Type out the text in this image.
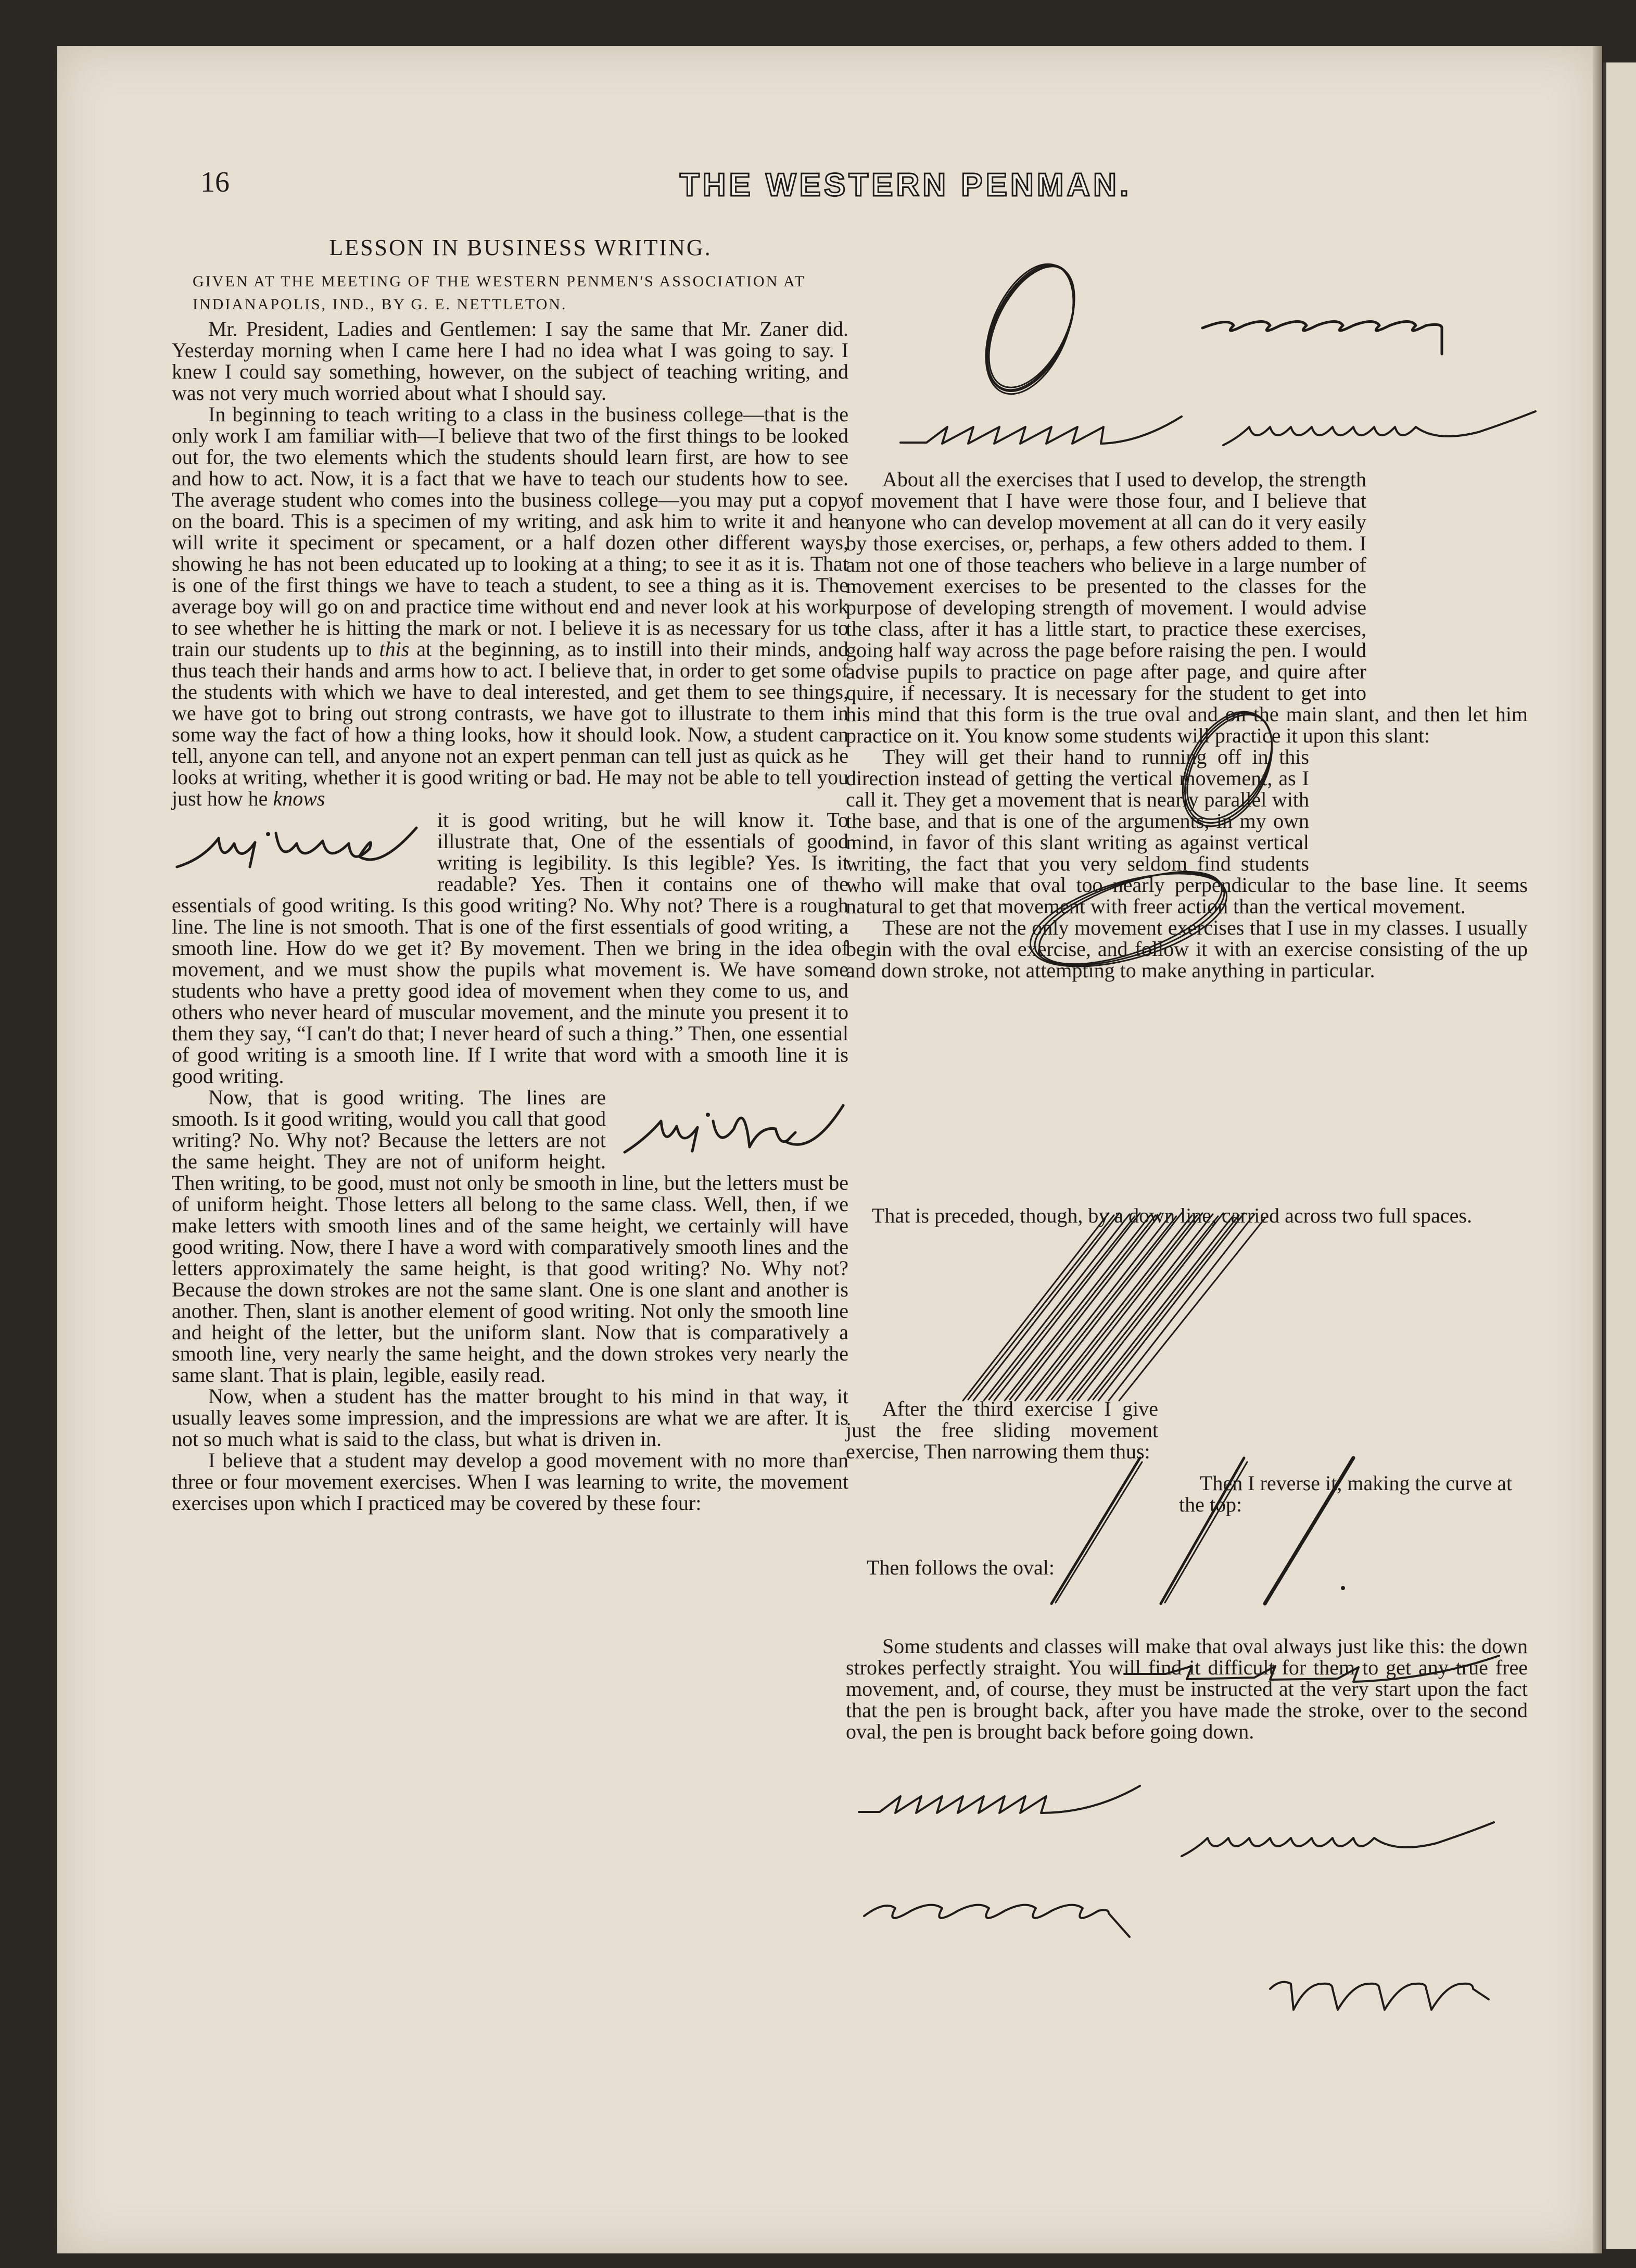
16	THE WESTERN PENMAN.
LESSON IN BUSINESS WRITING.
GIVEN AT THE MEETING OF THE WESTERN PENMEN'S ASSOCIATION AT INDIANAPOLIS, IND., BY G. E. NETTLETON.

Mr. President, Ladies and Gentlemen: I say the same that Mr. Zaner did. Yesterday morning when I came here I had no idea what I was going to say. I knew I could say something, however, on the subject of teaching writing, and was not very much worried about what I should say.

In beginning to teach writing to a class in the business college—that is the only work I am familiar with—I believe that two of the first things to be looked out for, the two elements which the students should learn first, are how to see and how to act. Now, it is a fact that we have to teach our students how to see. The average student who comes into the business college—you may put a copy on the board. This is a specimen of my writing, and ask him to write it and he will write it speciment or specament, or a half dozen other different ways, showing he has not been educated up to looking at a thing; to see it as it is. That is one of the first things we have to teach a student, to see a thing as it is. The average boy will go on and practice time without end and never look at his work to see whether he is hitting the mark or not. I believe it is as necessary for us to train our students up to this at the beginning, as to instill into their minds, and thus teach their hands and arms how to act. I believe that, in order to get some of the students with which we have to deal interested, and get them to see things, we have got to bring out strong contrasts, we have got to illustrate to them in some way the fact of how a thing looks, how it should look. Now, a student can tell, anyone can tell, and anyone not an expert penman can tell just as quick as he looks at writing, whether it is good writing or bad. He may not be able to tell you just how he knows

it is good writing, but he will know it. To illustrate that, One of the essentials of good writing is legibility. Is this legible? Yes. Is it readable? Yes. Then it contains one of the essentials of good writing. Is this good writing? No. Why not? There is a rough line. The line is not smooth. That is one of the first essentials of good writing, a smooth line. How do we get it? By movement. Then we bring in the idea of movement, and we must show the pupils what movement is. We have some students who have a pretty good idea of movement when they come to us, and others who never heard of muscular movement, and the minute you present it to them they say, “I can't do that; I never heard of such a thing.” Then, one essential of good writing is a smooth line. If I write that word with a smooth line it is good writing.

Now, that is good writing. The lines are smooth. Is it good writing, would you call that good writing? No. Why not? Because the letters are not the same height. They are not of uniform height. Then writing, to be good, must not only be smooth in line, but the letters must be of uniform height. Those letters all belong to the same class. Well, then, if we make letters with smooth lines and of the same height, we certainly will have good writing. Now, there I have a word with comparatively smooth lines and the letters approximately the same height, is that good writing? No. Why not? Because the down strokes are not the same slant. One is one slant and another is another. Then, slant is another element of good writing. Not only the smooth line and height of the letter, but the uniform slant. Now that is comparatively a smooth line, very nearly the same height, and the down strokes very nearly the same slant. That is plain, legible, easily read.

Now, when a student has the matter brought to his mind in that way, it usually leaves some impression, and the impressions are what we are after. It is not so much what is said to the class, but what is driven in.

I believe that a student may develop a good movement with no more than three or four movement exercises. When I was learning to write, the movement exercises upon which I practiced may be covered by these four:

About all the exercises that I used to develop, the strength of movement that I have were those four, and I believe that anyone who can develop movement at all can do it very easily by those exercises, or, perhaps, a few others added to them. I am not one of those teachers who believe in a large number of movement exercises to be presented to the classes for the purpose of developing strength of movement. I would advise the class, after it has a little start, to practice these exercises, going half way across the page before raising the pen. I would advise pupils to practice on page after page, and quire after quire, if necessary. It is necessary for the student to get into his mind that this form is the true oval and on the main slant, and then let him practice on it. You know some students will practice it upon this slant:

They will get their hand to running off in this direction instead of getting the vertical movement, as I call it. They get a movement that is nearly parallel with the base, and that is one of the arguments, in my own mind, in favor of this slant writing as against vertical writing, the fact that you very seldom find students who will make that oval too nearly perpendicular to the base line. It seems natural to get that movement with freer action than the vertical movement.

These are not the only movement exercises that I use in my classes. I usually begin with the oval exercise, and follow it with an exercise consisting of the up and down stroke, not attempting to make anything in particular.

That is preceded, though, by a down line, carried across two full spaces.

After the third exercise I give just the free sliding movement exercise, Then narrowing them thus:

Then I reverse it, making the curve at the top:

Then follows the oval:

Some students and classes will make that oval always just like this: the down strokes perfectly straight. You will find it difficult for them to get any true free movement, and, of course, they must be instructed at the very start upon the fact that the pen is brought back, after you have made the stroke, over to the second oval, the pen is brought back before going down.
